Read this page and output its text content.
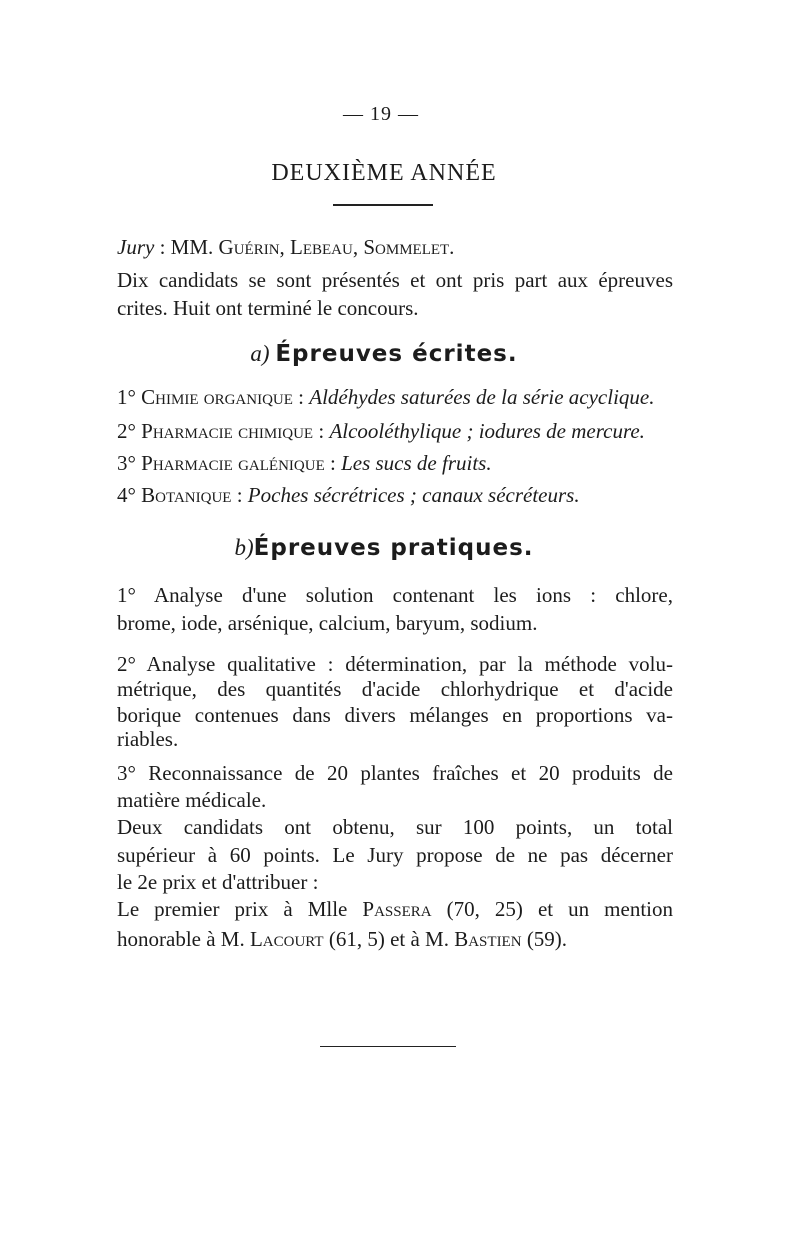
— 19 —
DEUXIÈME ANNÉE
Jury : MM. Guérin, Lebeau, Sommelet.
Dix candidats se sont présentés et ont pris part aux épreuves
crites. Huit ont terminé le concours.
a) Épreuves écrites.
1° Chimie organique : Aldéhydes saturées de la série acyclique.
2° Pharmacie chimique : Alcooléthylique ; iodures de mercure.
3° Pharmacie galénique : Les sucs de fruits.
4° Botanique : Poches sécrétrices ; canaux sécréteurs.
b)Épreuves pratiques.
1° Analyse d'une solution contenant les ions : chlore,
brome, iode, arsénique, calcium, baryum, sodium.
2° Analyse qualitative : détermination, par la méthode volu-
métrique, des quantités d'acide chlorhydrique et d'acide
borique contenues dans divers mélanges en proportions va-
riables.
3° Reconnaissance de 20 plantes fraîches et 20 produits de
matière médicale.
Deux candidats ont obtenu, sur 100 points, un total
supérieur à 60 points. Le Jury propose de ne pas décerner
le 2e prix et d'attribuer :
Le premier prix à Mlle Passera (70, 25) et un mention
honorable à M. Lacourt (61, 5) et à M. Bastien (59).
